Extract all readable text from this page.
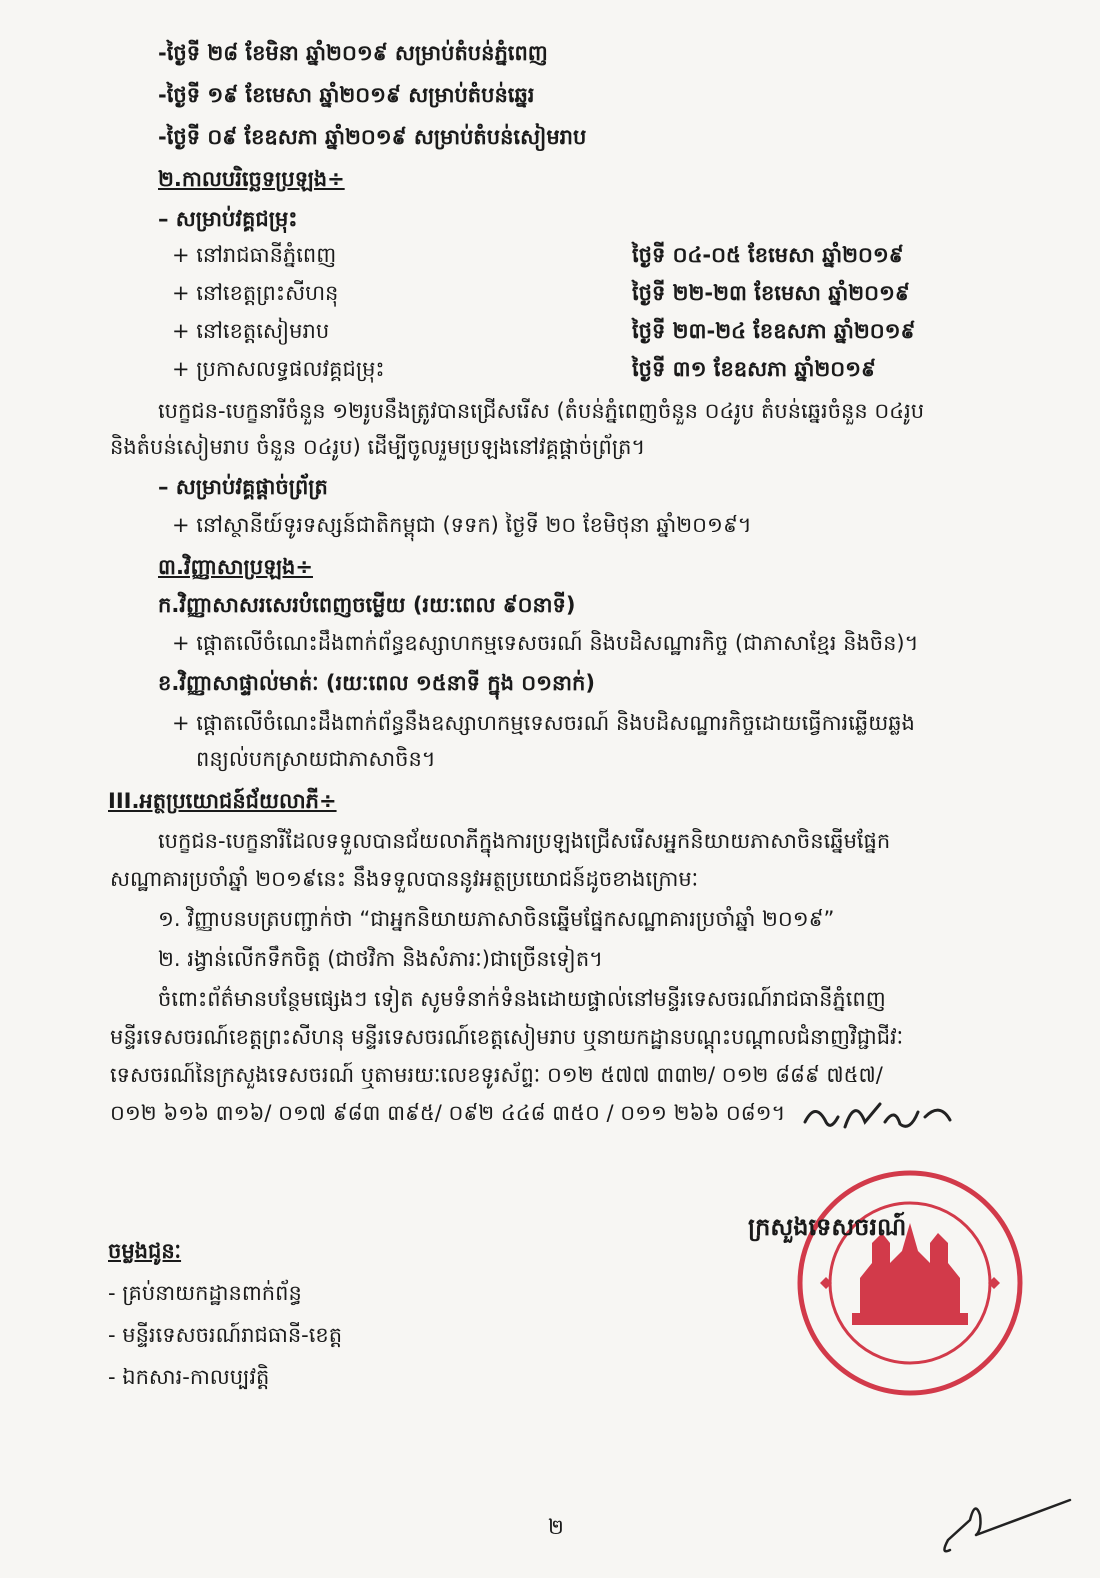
-ថ្ងៃទី ២៨ ខែមិនា ឆ្នាំ២០១៩ សម្រាប់តំបន់ភ្នំពេញ
-ថ្ងៃទី ១៩ ខែមេសា ឆ្នាំ២០១៩ សម្រាប់តំបន់ឆ្នេរ
-ថ្ងៃទី ០៩ ខែឧសភា ឆ្នាំ២០១៩ សម្រាប់តំបន់សៀមរាប
២.កាលបរិច្ឆេទប្រឡង÷
– សម្រាប់វគ្គជម្រុះ
+ នៅរាជធានីភ្នំពេញ	ថ្ងៃទី ០៤-០៥ ខែមេសា ឆ្នាំ២០១៩
+ នៅខេត្តព្រះសីហនុ	ថ្ងៃទី ២២-២៣ ខែមេសា ឆ្នាំ២០១៩
+ នៅខេត្តសៀមរាប	ថ្ងៃទី ២៣-២៤ ខែឧសភា ឆ្នាំ២០១៩
+ ប្រកាសលទ្ធផលវគ្គជម្រុះ	ថ្ងៃទី ៣១ ខែឧសភា ឆ្នាំ២០១៩
បេក្ខជន-បេក្ខនារីចំនួន ១២រូបនឹងត្រូវបានជ្រើសរើស (តំបន់ភ្នំពេញចំនួន ០៤រូប តំបន់ឆ្នេរចំនួន ០៤រូប
និងតំបន់សៀមរាប ចំនួន ០៤រូប) ដើម្បីចូលរួមប្រឡងនៅវគ្គផ្តាច់ព្រ័ត្រ។
– សម្រាប់វគ្គផ្តាច់ព្រ័ត្រ
+ នៅស្ថានីយ៍ទូរទស្សន៍ជាតិកម្ពុជា (ទទក) ថ្ងៃទី ២០ ខែមិថុនា ឆ្នាំ២០១៩។
៣.វិញ្ញាសាប្រឡង÷
ក.វិញ្ញាសាសរសេរបំពេញចម្លើយ (រយៈពេល ៩០នាទី)
+ ផ្តោតលើចំណេះដឹងពាក់ព័ន្ធឧស្សាហកម្មទេសចរណ៍ និងបដិសណ្ឋារកិច្ច (ជាភាសាខ្មែរ និងចិន)។
ខ.វិញ្ញាសាផ្ទាល់មាត់ៈ (រយៈពេល ១៥នាទី ក្នុង ០១នាក់)
+ ផ្តោតលើចំណេះដឹងពាក់ព័ន្ធនឹងឧស្សាហកម្មទេសចរណ៍ និងបដិសណ្ឋារកិច្ចដោយធ្វើការឆ្លើយឆ្លង
ពន្យល់បកស្រាយជាភាសាចិន។
III.អត្ថប្រយោជន៍ជ័យលាភី÷
បេក្ខជន-បេក្ខនារីដែលទទួលបានជ័យលាភីក្នុងការប្រឡងជ្រើសរើសអ្នកនិយាយភាសាចិនឆ្នើមផ្នែក
សណ្ឋាគារប្រចាំឆ្នាំ ២០១៩នេះ នឹងទទួលបាននូវអត្ថប្រយោជន៍ដូចខាងក្រោមៈ
១. វិញ្ញាបនបត្របញ្ជាក់ថា “ជាអ្នកនិយាយភាសាចិនឆ្នើមផ្នែកសណ្ឋាគារប្រចាំឆ្នាំ ២០១៩”
២. រង្វាន់លើកទឹកចិត្ត (ជាថវិកា និងសំភារៈ)ជាច្រើនទៀត។
ចំពោះព័ត៌មានបន្ថែមផ្សេងៗ ទៀត សូមទំនាក់ទំនងដោយផ្ទាល់នៅមន្ទីរទេសចរណ៍រាជធានីភ្នំពេញ
មន្ទីរទេសចរណ៍ខេត្តព្រះសីហនុ មន្ទីរទេសចរណ៍ខេត្តសៀមរាប ឬនាយកដ្ឋានបណ្តុះបណ្តាលជំនាញវិជ្ជាជីវៈ
ទេសចរណ៍នៃក្រសួងទេសចរណ៍ ឬតាមរយៈលេខទូរស័ព្ទៈ ០១២ ៥៧៧ ៣៣២/ ០១២ ៨៨៩ ៧៥៧/
០១២ ៦១៦ ៣១៦/ ០១៧ ៩៨៣ ៣៩៥/ ០៩២ ៤៤៨ ៣៥០ / ០១១ ២៦៦ ០៨១។
ក្រសួងទេសចរណ៍
ចម្លងជូនៈ
- គ្រប់នាយកដ្ឋានពាក់ព័ន្ធ
- មន្ទីរទេសចរណ៍រាជធានី-ខេត្ត
- ឯកសារ-កាលប្បវត្តិ
២
